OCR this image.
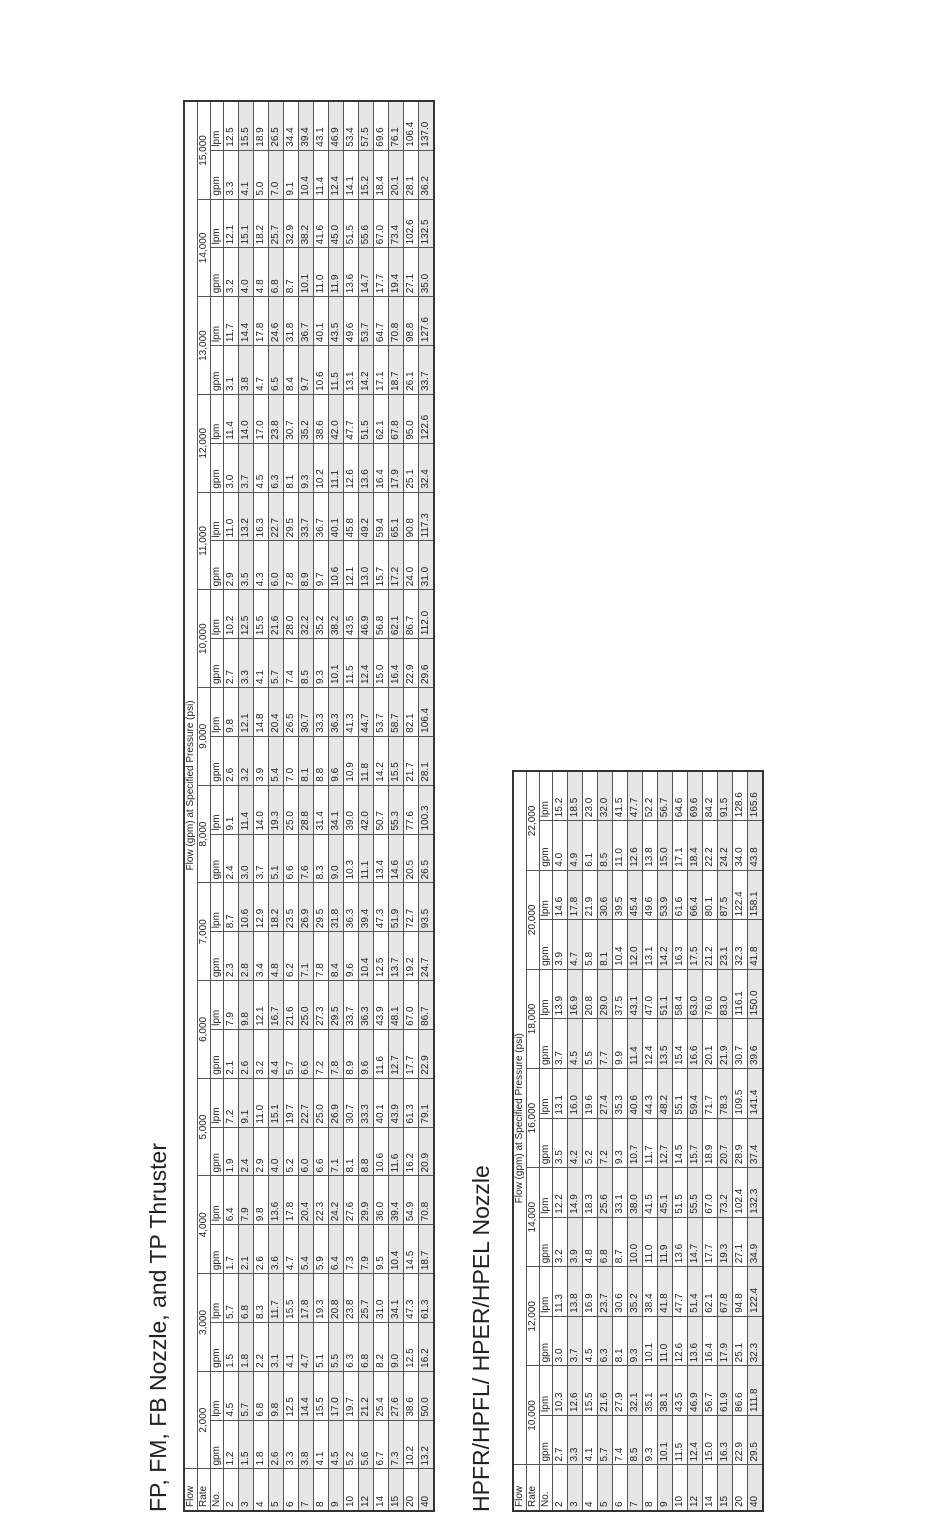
FP, FM, FB Nozzle, and TP Thruster	HPFR/HPFL/ HPER/HPEL Nozzle
Flow	Flow (gpm) at Specified Pressure (psi)																											
Rate	2,000		3,000		4,000		5,000		6,000		7,000		8,000		9,000		10,000		11,000		12,000		13,000		14,000		15,000	
No.	gpm	lpm	gpm	lpm	gpm	lpm	gpm	lpm	gpm	lpm	gpm	lpm	gpm	lpm	gpm	lpm	gpm	lpm	gpm	lpm	gpm	lpm	gpm	lpm	gpm	lpm	gpm	lpm
2	1.2	4.5	1.5	5.7	1.7	6.4	1.9	7.2	2.1	7.9	2.3	8.7	2.4	9.1	2.6	9.8	2.7	10.2	2.9	11.0	3.0	11.4	3.1	11.7	3.2	12.1	3.3	12.5
3	1.5	5.7	1.8	6.8	2.1	7.9	2.4	9.1	2.6	9.8	2.8	10.6	3.0	11.4	3.2	12.1	3.3	12.5	3.5	13.2	3.7	14.0	3.8	14.4	4.0	15.1	4.1	15.5
4	1.8	6.8	2.2	8.3	2.6	9.8	2.9	11.0	3.2	12.1	3.4	12.9	3.7	14.0	3.9	14.8	4.1	15.5	4.3	16.3	4.5	17.0	4.7	17.8	4.8	18.2	5.0	18.9
5	2.6	9.8	3.1	11.7	3.6	13.6	4.0	15.1	4.4	16.7	4.8	18.2	5.1	19.3	5.4	20.4	5.7	21.6	6.0	22.7	6.3	23.8	6.5	24.6	6.8	25.7	7.0	26.5
6	3.3	12.5	4.1	15.5	4.7	17.8	5.2	19.7	5.7	21.6	6.2	23.5	6.6	25.0	7.0	26.5	7.4	28.0	7.8	29.5	8.1	30.7	8.4	31.8	8.7	32.9	9.1	34.4
7	3.8	14.4	4.7	17.8	5.4	20.4	6.0	22.7	6.6	25.0	7.1	26.9	7.6	28.8	8.1	30.7	8.5	32.2	8.9	33.7	9.3	35.2	9.7	36.7	10.1	38.2	10.4	39.4
8	4.1	15.5	5.1	19.3	5.9	22.3	6.6	25.0	7.2	27.3	7.8	29.5	8.3	31.4	8.8	33.3	9.3	35.2	9.7	36.7	10.2	38.6	10.6	40.1	11.0	41.6	11.4	43.1
9	4.5	17.0	5.5	20.8	6.4	24.2	7.1	26.9	7.8	29.5	8.4	31.8	9.0	34.1	9.6	36.3	10.1	38.2	10.6	40.1	11.1	42.0	11.5	43.5	11.9	45.0	12.4	46.9
10	5.2	19.7	6.3	23.8	7.3	27.6	8.1	30.7	8.9	33.7	9.6	36.3	10.3	39.0	10.9	41.3	11.5	43.5	12.1	45.8	12.6	47.7	13.1	49.6	13.6	51.5	14.1	53.4
12	5.6	21.2	6.8	25.7	7.9	29.9	8.8	33.3	9.6	36.3	10.4	39.4	11.1	42.0	11.8	44.7	12.4	46.9	13.0	49.2	13.6	51.5	14.2	53.7	14.7	55.6	15.2	57.5
14	6.7	25.4	8.2	31.0	9.5	36.0	10.6	40.1	11.6	43.9	12.5	47.3	13.4	50.7	14.2	53.7	15.0	56.8	15.7	59.4	16.4	62.1	17.1	64.7	17.7	67.0	18.4	69.6
15	7.3	27.6	9.0	34.1	10.4	39.4	11.6	43.9	12.7	48.1	13.7	51.9	14.6	55.3	15.5	58.7	16.4	62.1	17.2	65.1	17.9	67.8	18.7	70.8	19.4	73.4	20.1	76.1
20	10.2	38.6	12.5	47.3	14.5	54.9	16.2	61.3	17.7	67.0	19.2	72.7	20.5	77.6	21.7	82.1	22.9	86.7	24.0	90.8	25.1	95.0	26.1	98.8	27.1	102.6	28.1	106.4
40	13.2	50.0	16.2	61.3	18.7	70.8	20.9	79.1	22.9	86.7	24.7	93.5	26.5	100.3	28.1	106.4	29.6	112.0	31.0	117.3	32.4	122.6	33.7	127.6	35.0	132.5	36.2	137.0
Flow	Flow (gpm) at Specified Pressure (psi)													
Rate	10,000		12,000		14,000		16,000		18,000		20,000		22,000	
No.	gpm	lpm	gpm	lpm	gpm	lpm	gpm	lpm	gpm	lpm	gpm	lpm	gpm	lpm
2	2.7	10.3	3.0	11.3	3.2	12.2	3.5	13.1	3.7	13.9	3.9	14.6	4.0	15.2
3	3.3	12.6	3.7	13.8	3.9	14.9	4.2	16.0	4.5	16.9	4.7	17.8	4.9	18.5
4	4.1	15.5	4.5	16.9	4.8	18.3	5.2	19.6	5.5	20.8	5.8	21.9	6.1	23.0
5	5.7	21.6	6.3	23.7	6.8	25.6	7.2	27.4	7.7	29.0	8.1	30.6	8.5	32.0
6	7.4	27.9	8.1	30.6	8.7	33.1	9.3	35.3	9.9	37.5	10.4	39.5	11.0	41.5
7	8.5	32.1	9.3	35.2	10.0	38.0	10.7	40.6	11.4	43.1	12.0	45.4	12.6	47.7
8	9.3	35.1	10.1	38.4	11.0	41.5	11.7	44.3	12.4	47.0	13.1	49.6	13.8	52.2
9	10.1	38.1	11.0	41.8	11.9	45.1	12.7	48.2	13.5	51.1	14.2	53.9	15.0	56.7
10	11.5	43.5	12.6	47.7	13.6	51.5	14.5	55.1	15.4	58.4	16.3	61.6	17.1	64.6
12	12.4	46.9	13.6	51.4	14.7	55.5	15.7	59.4	16.6	63.0	17.5	66.4	18.4	69.6
14	15.0	56.7	16.4	62.1	17.7	67.0	18.9	71.7	20.1	76.0	21.2	80.1	22.2	84.2
15	16.3	61.9	17.9	67.8	19.3	73.2	20.7	78.3	21.9	83.0	23.1	87.5	24.2	91.5
20	22.9	86.6	25.1	94.8	27.1	102.4	28.9	109.5	30.7	116.1	32.3	122.4	34.0	128.6
40	29.5	111.8	32.3	122.4	34.9	132.3	37.4	141.4	39.6	150.0	41.8	158.1	43.8	165.6
